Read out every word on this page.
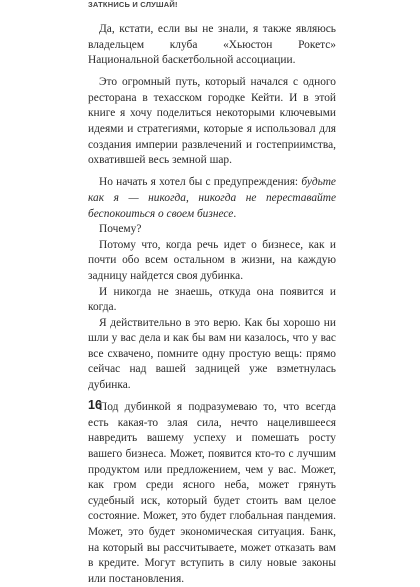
ЗАТКНИСЬ И СЛУШАЙ!

Да, кстати, если вы не знали, я также являюсь владельцем клуба «Хьюстон Рокетс» Национальной баскетбольной ассоциации.

Это огромный путь, который начался с одного ресторана в техасском городке Кейти. И в этой книге я хочу поделиться некоторыми ключевыми идеями и стратегиями, которые я использовал для создания империи развлечений и гостеприимства, охватившей весь земной шар.

Но начать я хотел бы с предупреждения: будьте как я — никогда, никогда не переставайте беспокоиться о своем бизнесе.

Почему?

Потому что, когда речь идет о бизнесе, как и почти обо всем остальном в жизни, на каждую задницу найдется своя дубинка.

И никогда не знаешь, откуда она появится и когда.

Я действительно в это верю. Как бы хорошо ни шли у вас дела и как бы вам ни казалось, что у вас все схвачено, помните одну простую вещь: прямо сейчас над вашей задницей уже взметнулась дубинка.

Под дубинкой я подразумеваю то, что всегда есть какая-то злая сила, нечто нацелившееся навредить вашему успеху и помешать росту вашего бизнеса. Может, появится кто-то с лучшим продуктом или предложением, чем у вас. Может, как гром среди ясного неба, может грянуть судебный иск, который будет стоить вам целое состояние. Может, это будет глобальная пандемия. Может, это будет экономическая ситуация. Банк, на который вы рассчитываете, может отказать вам в кредите. Могут вступить в силу новые законы или постановления.

16
